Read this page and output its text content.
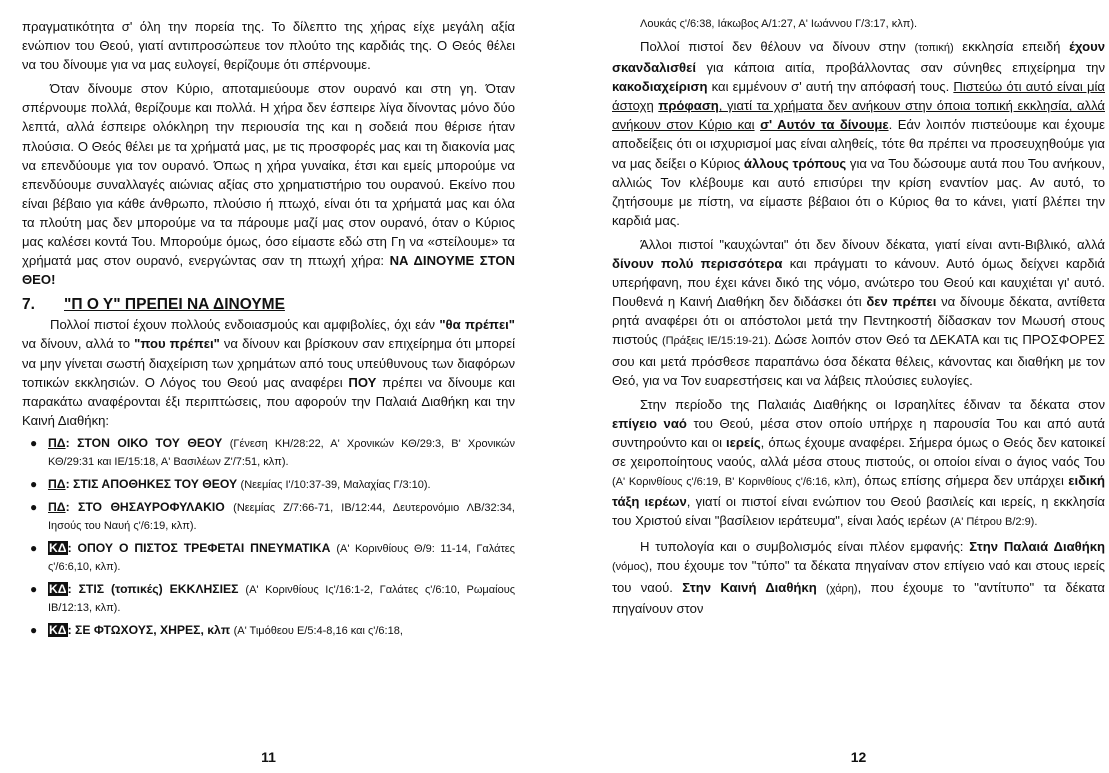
πραγματικότητα σ' όλη την πορεία της. Το δίλεπτο της χήρας είχε μεγάλη αξία ενώπιον του Θεού, γιατί αντιπροσώπευε τον πλούτο της καρδιάς της. Ο Θεός θέλει να του δίνουμε για να μας ευλογεί, θερίζουμε ότι σπέρνουμε.

Όταν δίνουμε στον Κύριο, αποταμιεύουμε στον ουρανό και στη γη. Όταν σπέρνουμε πολλά, θερίζουμε και πολλά. Η χήρα δεν έσπειρε λίγα δίνοντας μόνο δύο λεπτά, αλλά έσπειρε ολόκληρη την περιουσία της και η σοδειά που θέρισε ήταν πλούσια. Ο Θεός θέλει με τα χρήματά μας, με τις προσφορές μας και τη διακονία μας να επενδύουμε για τον ουρανό. Όπως η χήρα γυναίκα, έτσι και εμείς μπορούμε να επενδύουμε συναλλαγές αιώνιας αξίας στο χρηματιστήριο του ουρανού. Εκείνο που είναι βέβαιο για κάθε άνθρωπο, πλούσιο ή πτωχό, είναι ότι τα χρήματά μας και όλα τα πλούτη μας δεν μπορούμε να τα πάρουμε μαζί μας στον ουρανό, όταν ο Κύριος μας καλέσει κοντά Του. Μπορούμε όμως, όσο είμαστε εδώ στη Γη να «στείλουμε» τα χρήματά μας στον ουρανό, ενεργώντας σαν τη πτωχή χήρα: ΝΑ ΔΙΝΟΥΜΕ ΣΤΟΝ ΘΕΟ!

7. "Π Ο Υ" ΠΡΕΠΕΙ ΝΑ ΔΙΝΟΥΜΕ

Πολλοί πιστοί έχουν πολλούς ενδοιασμούς και αμφιβολίες, όχι εάν "θα πρέπει" να δίνουν, αλλά το "που πρέπει" να δίνουν και βρίσκουν σαν επιχείρημα ότι μπορεί να μην γίνεται σωστή διαχείριση των χρημάτων από τους υπεύθυνους των διαφόρων τοπικών εκκλησιών. Ο Λόγος του Θεού μας αναφέρει ΠΟΥ πρέπει να δίνουμε και παρακάτω αναφέρονται έξι περιπτώσεις, που αφορούν την Παλαιά Διαθήκη και την Καινή Διαθήκη:

● ΠΔ: ΣΤΟΝ ΟΙΚΟ ΤΟΥ ΘΕΟΥ (Γένεση ΚΗ/28:22, Α' Χρονικών ΚΘ/29:3, Β' Χρονικών ΚΘ/29:31 και ΙΕ/15:18, Α' Βασιλέων Ζ'/7:51, κλπ).
● ΠΔ: ΣΤΙΣ ΑΠΟΘΗΚΕΣ ΤΟΥ ΘΕΟΥ (Νεεμίας Ι'/10:37-39, Μαλαχίας Γ/3:10).
● ΠΔ: ΣΤΟ ΘΗΣΑΥΡΟΦΥΛΑΚΙΟ (Νεεμίας Ζ/7:66-71, ΙΒ/12:44, Δευτερονόμιο ΛΒ/32:34, Ιησούς του Ναυή ς'/6:19, κλπ).
● ΚΔ: ΟΠΟΥ Ο ΠΙΣΤΟΣ ΤΡΕΦΕΤΑΙ ΠΝΕΥΜΑΤΙΚΑ (Α' Κορινθίους Θ/9: 11-14, Γαλάτες ς'/6:6,10, κλπ).
● ΚΔ: ΣΤΙΣ (τοπικές) ΕΚΚΛΗΣΙΕΣ (Α' Κορινθίους Ις'/16:1-2, Γαλάτες ς'/6:10, Ρωμαίους ΙΒ/12:13, κλπ).
● ΚΔ: ΣΕ ΦΤΩΧΟΥΣ, ΧΗΡΕΣ, κλπ (Α' Τιμόθεου Ε/5:4-8,16 και ς'/6:18,
11

Λουκάς ς'/6:38, Ιάκωβος Α/1:27, Α' Ιωάννου Γ/3:17, κλπ).

Πολλοί πιστοί δεν θέλουν να δίνουν στην (τοπική) εκκλησία επειδή έχουν σκανδαλισθεί για κάποια αιτία, προβάλλοντας σαν σύνηθες επιχείρημα την κακοδιαχείριση και εμμένουν σ' αυτή την απόφασή τους. Πιστεύω ότι αυτό είναι μία άστοχη πρόφαση, γιατί τα χρήματα δεν ανήκουν στην όποια τοπική εκκλησία, αλλά ανήκουν στον Κύριο και σ' Αυτόν τα δίνουμε. Εάν λοιπόν πιστεύουμε και έχουμε αποδείξεις ότι οι ισχυρισμοί μας είναι αληθείς, τότε θα πρέπει να προσευχηθούμε για να μας δείξει ο Κύριος άλλους τρόπους για να Του δώσουμε αυτά που Του ανήκουν, αλλιώς Τον κλέβουμε και αυτό επισύρει την κρίση εναντίον μας. Αν αυτό, το ζητήσουμε με πίστη, να είμαστε βέβαιοι ότι ο Κύριος θα το κάνει, γιατί βλέπει την καρδιά μας.

Άλλοι πιστοί "καυχώνται" ότι δεν δίνουν δέκατα, γιατί είναι αντι-Βιβλικό, αλλά δίνουν πολύ περισσότερα και πράγματι το κάνουν. Αυτό όμως δείχνει καρδιά υπερήφανη, που έχει κάνει δικό της νόμο, ανώτερο του Θεού και καυχιέται γι' αυτό. Πουθενά η Καινή Διαθήκη δεν διδάσκει ότι δεν πρέπει να δίνουμε δέκατα, αντίθετα ρητά αναφέρει ότι οι απόστολοι μετά την Πεντηκοστή δίδασκαν τον Μωυσή στους πιστούς (Πράξεις ΙΕ/15:19-21). Δώσε λοιπόν στον Θεό τα ΔΕΚΑΤΑ και τις ΠΡΟΣΦΟΡΕΣ σου και μετά πρόσθεσε παραπάνω όσα δέκατα θέλεις, κάνοντας και διαθήκη με τον Θεό, για να Τον ευαρεστήσεις και να λάβεις πλούσιες ευλογίες.

Στην περίοδο της Παλαιάς Διαθήκης οι Ισραηλίτες έδιναν τα δέκατα στον επίγειο ναό του Θεού, μέσα στον οποίο υπήρχε η παρουσία Του και από αυτά συντηρούντο και οι ιερείς, όπως έχουμε αναφέρει. Σήμερα όμως ο Θεός δεν κατοικεί σε χειροποίητους ναούς, αλλά μέσα στους πιστούς, οι οποίοι είναι ο άγιος ναός Του (Α' Κορινθίους ς'/6:19, Β' Κορινθίους ς'/6:16, κλπ), όπως επίσης σήμερα δεν υπάρχει ειδική τάξη ιερέων, γιατί οι πιστοί είναι ενώπιον του Θεού βασιλείς και ιερείς, η εκκλησία του Χριστού είναι "βασίλειον ιεράτευμα", είναι λαός ιερέων (Α' Πέτρου Β/2:9).

Η τυπολογία και ο συμβολισμός είναι πλέον εμφανής: Στην Παλαιά Διαθήκη (νόμος), που έχουμε τον "τύπο" τα δέκατα πηγαίναν στον επίγειο ναό και στους ιερείς του ναού. Στην Καινή Διαθήκη (χάρη), που έχουμε το "αντίτυπο" τα δέκατα πηγαίνουν στον

12
